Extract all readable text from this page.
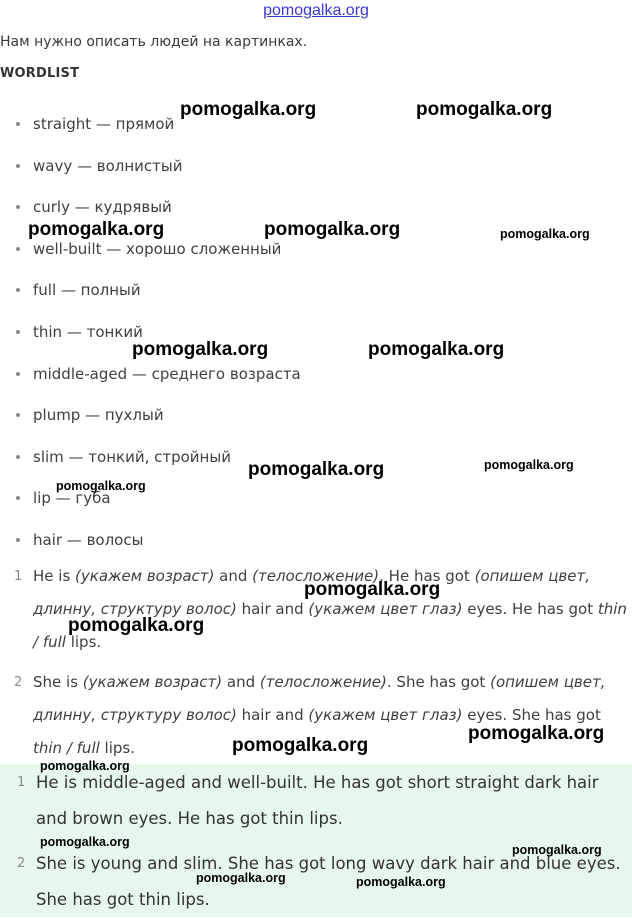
pomogalka.org
Нам нужно описать людей на картинках.
WORDLIST
straight — прямой
wavy — волнистый
curly — кудрявый
well-built — хорошо сложенный
full — полный
thin — тонкий
middle-aged — среднего возраста
plump — пухлый
slim — тонкий, стройный
lip — губа
hair — волосы
1 He is (укажем возраст) and (телосложение). He has got (опишем цвет, длинну, структуру волос) hair and (укажем цвет глаз) eyes. He has got thin / full lips.
2 She is (укажем возраст) and (телосложение). She has got (опишем цвет, длинну, структуру волос) hair and (укажем цвет глаз) eyes. She has got thin / full lips.
1 He is middle-aged and well-built. He has got short straight dark hair and brown eyes. He has got thin lips.
2 She is young and slim. She has got long wavy dark hair and blue eyes. She has got thin lips.
pomogalka.org	pomogalka.org
pomogalka.org	pomogalka.org	pomogalka.org
pomogalka.org	pomogalka.org
pomogalka.org	pomogalka.org
pomogalka.org
pomogalka.org
pomogalka.org
pomogalka.org
pomogalka.org
pomogalka.org
pomogalka.org
pomogalka.org
pomogalka.org	pomogalka.org
